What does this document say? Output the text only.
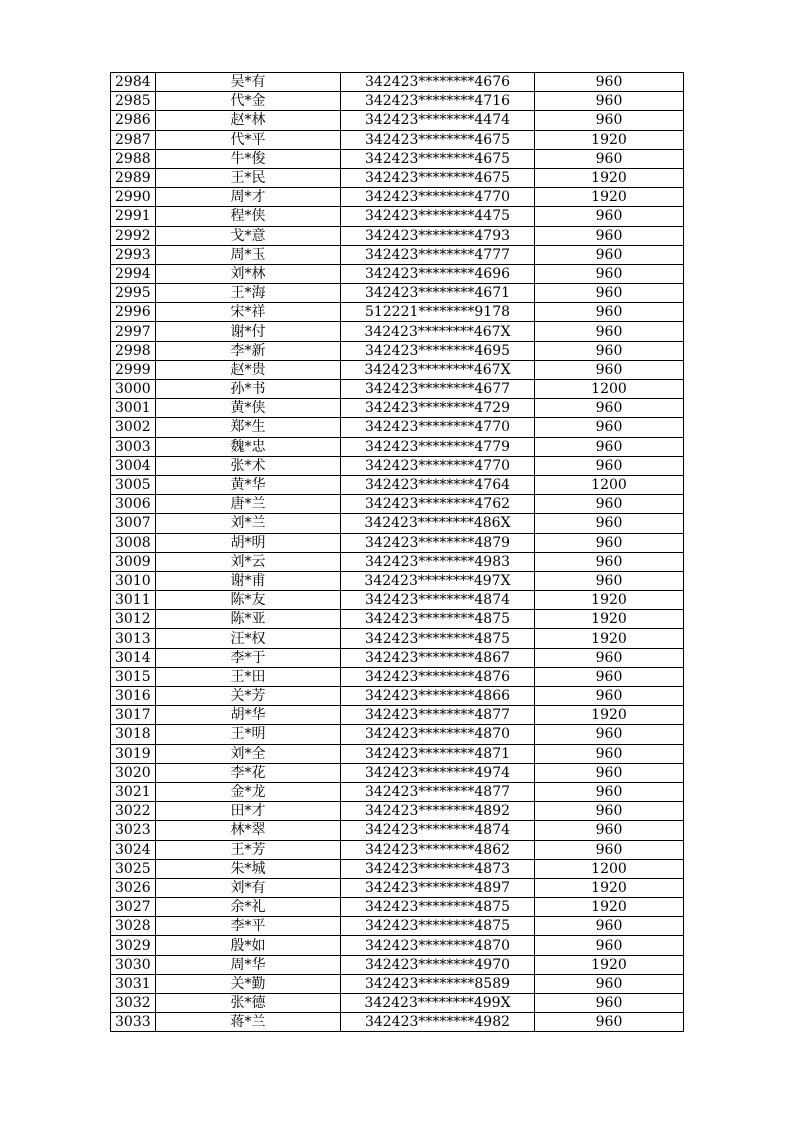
2984	吴*有	342423********4676	960
2985	代*金	342423********4716	960
2986	赵*林	342423********4474	960
2987	代*平	342423********4675	1920
2988	牛*俊	342423********4675	960
2989	王*民	342423********4675	1920
2990	周*才	342423********4770	1920
2991	程*侠	342423********4475	960
2992	戈*意	342423********4793	960
2993	周*玉	342423********4777	960
2994	刘*林	342423********4696	960
2995	王*海	342423********4671	960
2996	宋*祥	512221********9178	960
2997	谢*付	342423********467X	960
2998	李*新	342423********4695	960
2999	赵*贵	342423********467X	960
3000	孙*书	342423********4677	1200
3001	黄*侠	342423********4729	960
3002	郑*生	342423********4770	960
3003	魏*忠	342423********4779	960
3004	张*术	342423********4770	960
3005	黄*华	342423********4764	1200
3006	唐*兰	342423********4762	960
3007	刘*兰	342423********486X	960
3008	胡*明	342423********4879	960
3009	刘*云	342423********4983	960
3010	谢*甫	342423********497X	960
3011	陈*友	342423********4874	1920
3012	陈*亚	342423********4875	1920
3013	汪*权	342423********4875	1920
3014	李*于	342423********4867	960
3015	王*田	342423********4876	960
3016	关*芳	342423********4866	960
3017	胡*华	342423********4877	1920
3018	王*明	342423********4870	960
3019	刘*全	342423********4871	960
3020	李*花	342423********4974	960
3021	金*龙	342423********4877	960
3022	田*才	342423********4892	960
3023	林*翠	342423********4874	960
3024	王*芳	342423********4862	960
3025	朱*城	342423********4873	1200
3026	刘*有	342423********4897	1920
3027	余*礼	342423********4875	1920
3028	李*平	342423********4875	960
3029	殷*如	342423********4870	960
3030	周*华	342423********4970	1920
3031	关*勤	342423********8589	960
3032	张*德	342423********499X	960
3033	蒋*兰	342423********4982	960
